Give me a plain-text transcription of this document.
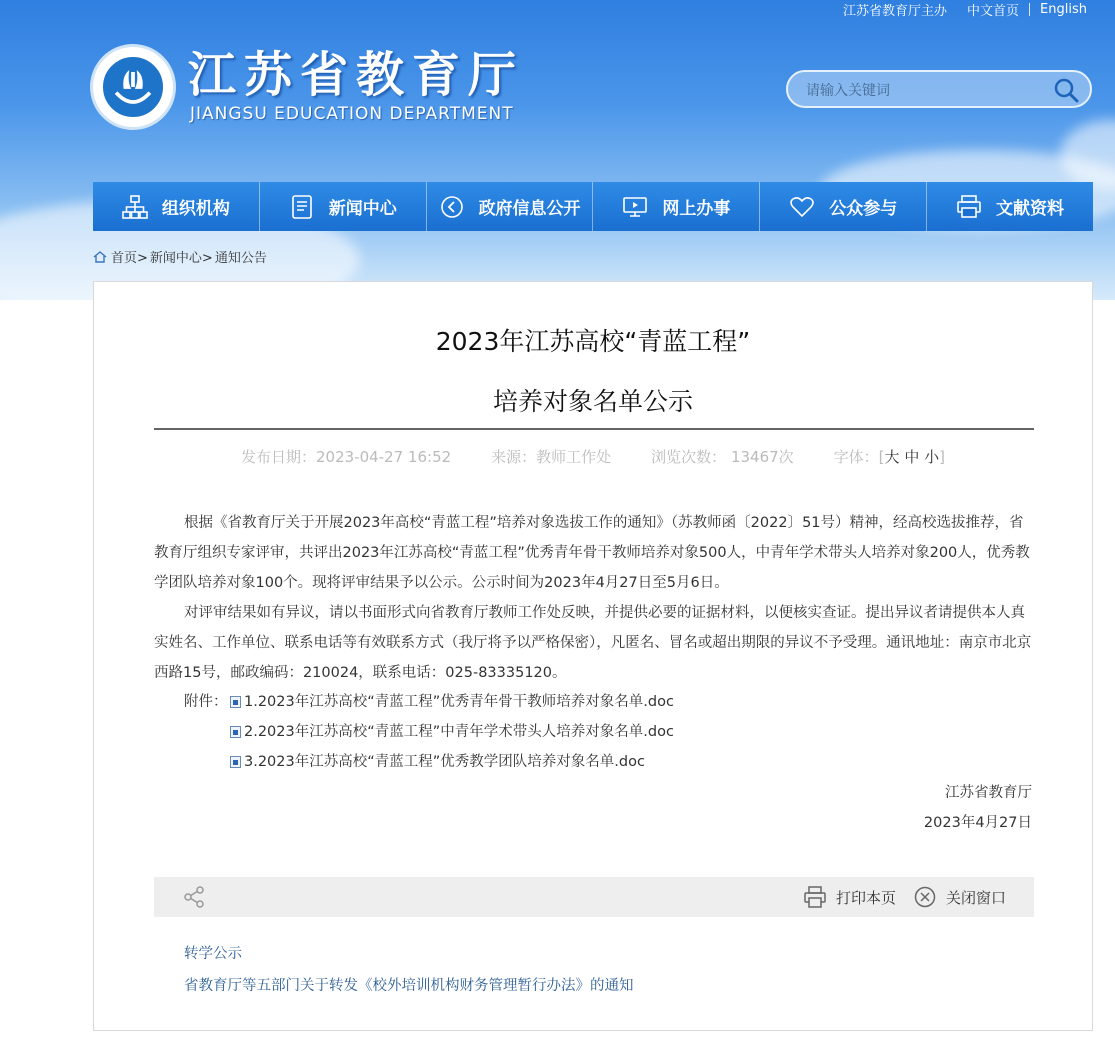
江苏省教育厅主办	中文首页	English
江苏省教育厅
JIANGSU EDUCATION DEPARTMENT
请输入关键词
组织机构	新闻中心	政府信息公开	网上办事	公众参与	文献资料
首页> 新闻中心> 通知公告
2023年江苏高校“青蓝工程”
培养对象名单公示
发布日期：2023-04-27 16:52	来源：教师工作处	浏览次数： 13467次	字体：[大 中 小]

根据《省教育厅关于开展2023年高校“青蓝工程”培养对象选拔工作的通知》（苏教师函〔2022〕51号）精神，经高校选拔推荐，省教育厅组织专家评审，共评出2023年江苏高校“青蓝工程”优秀青年骨干教师培养对象500人，中青年学术带头人培养对象200人，优秀教学团队培养对象100个。现将评审结果予以公示。公示时间为2023年4月27日至5月6日。

对评审结果如有异议，请以书面形式向省教育厅教师工作处反映，并提供必要的证据材料，以便核实查证。提出异议者请提供本人真实姓名、工作单位、联系电话等有效联系方式（我厅将予以严格保密），凡匿名、冒名或超出期限的异议不予受理。通讯地址：南京市北京西路15号，邮政编码：210024，联系电话：025-83335120。

附件： 1.2023年江苏高校“青蓝工程”优秀青年骨干教师培养对象名单.doc
2.2023年江苏高校“青蓝工程”中青年学术带头人培养对象名单.doc
3.2023年江苏高校“青蓝工程”优秀教学团队培养对象名单.doc
江苏省教育厅
2023年4月27日
打印本页	关闭窗口
转学公示
省教育厅等五部门关于转发《校外培训机构财务管理暂行办法》的通知
